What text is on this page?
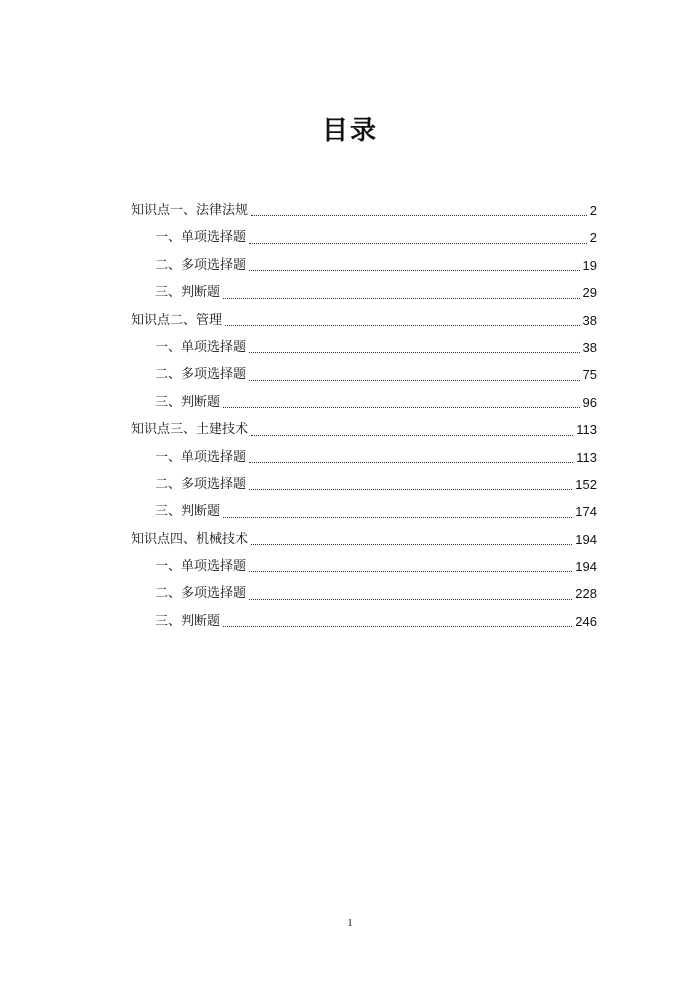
目录
知识点一、法律法规	2
一、单项选择题	2
二、多项选择题	19
三、判断题	29
知识点二、管理	38
一、单项选择题	38
二、多项选择题	75
三、判断题	96
知识点三、土建技术	113
一、单项选择题	113
二、多项选择题	152
三、判断题	174
知识点四、机械技术	194
一、单项选择题	194
二、多项选择题	228
三、判断题	246
1
